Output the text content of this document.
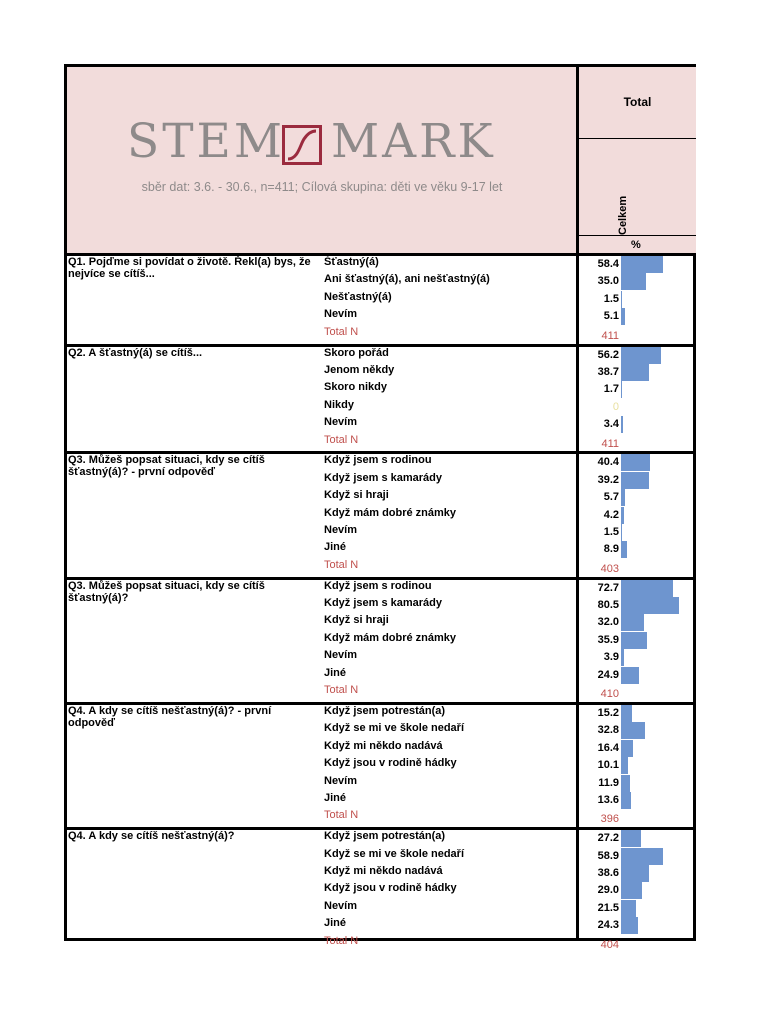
STEM MARK
sběr dat: 3.6. - 30.6., n=411; Cílová skupina: děti ve věku 9-17 let
Total
Celkem
%
Q1. Pojďme si povídat o životě. Řekl(a) bys, že nejvíce se cítíš...
Šťastný(á)	58.4
Ani šťastný(á), ani nešťastný(á)	35.0
Nešťastný(á)	1.5
Nevím	5.1
Total N	411
Q2. A šťastný(á) se cítíš...	Skoro pořád	56.2
Jenom někdy	38.7
Skoro nikdy	1.7
Nikdy	0
Nevím	3.4
Total N	411
Q3. Můžeš popsat situaci, kdy se cítíš šťastný(á)? - první odpověď
Když jsem s rodinou	40.4
Když jsem s kamarády	39.2
Když si hraji	5.7
Když mám dobré známky	4.2
Nevím	1.5
Jiné	8.9
Total N	403
Q3. Můžeš popsat situaci, kdy se cítíš šťastný(á)?
Když jsem s rodinou	72.7
Když jsem s kamarády	80.5
Když si hraji	32.0
Když mám dobré známky	35.9
Nevím	3.9
Jiné	24.9
Total N	410
Q4. A kdy se cítíš nešťastný(á)? - první odpověď
Když jsem potrestán(a)	15.2
Když se mi ve škole nedaří	32.8
Když mi někdo nadává	16.4
Když jsou v rodině hádky	10.1
Nevím	11.9
Jiné	13.6
Total N	396
Q4. A kdy se cítíš nešťastný(á)?	Když jsem potrestán(a)	27.2
Když se mi ve škole nedaří	58.9
Když mi někdo nadává	38.6
Když jsou v rodině hádky	29.0
Nevím	21.5
Jiné	24.3
Total N	404
